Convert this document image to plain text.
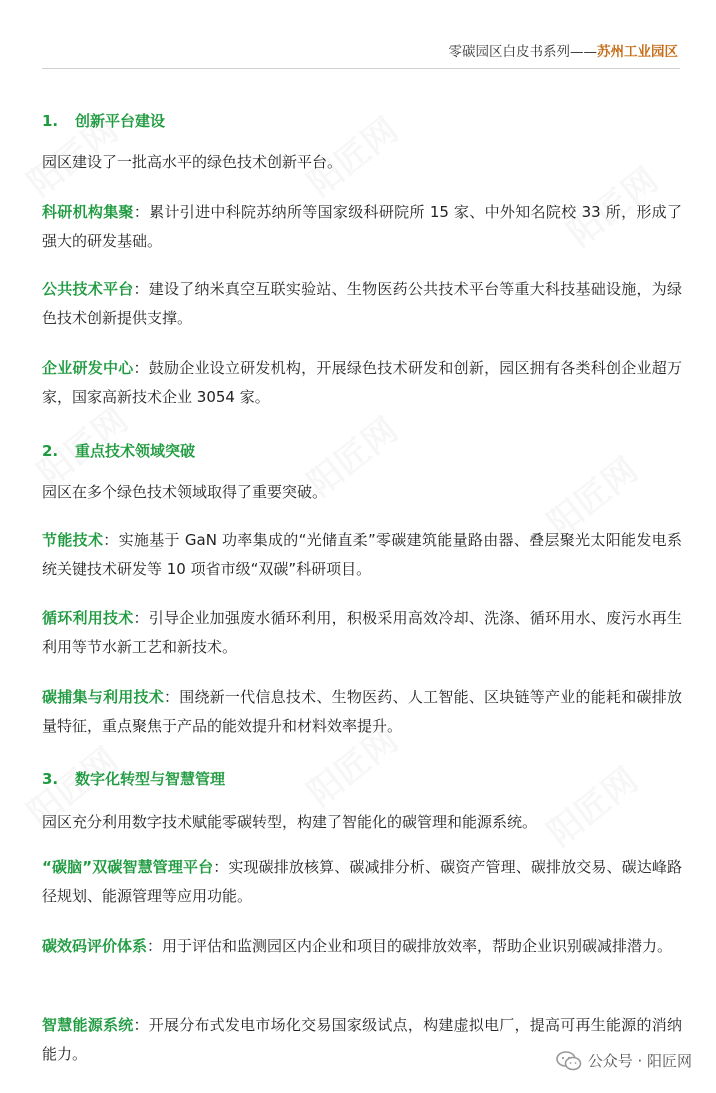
零碳园区白皮书系列——苏州工业园区
1. 创新平台建设
园区建设了一批高水平的绿色技术创新平台。
科研机构集聚：累计引进中科院苏纳所等国家级科研院所 15 家、中外知名院校 33 所，形成了强大的研发基础。
公共技术平台：建设了纳米真空互联实验站、生物医药公共技术平台等重大科技基础设施，为绿色技术创新提供支撑。
企业研发中心：鼓励企业设立研发机构，开展绿色技术研发和创新，园区拥有各类科创企业超万家，国家高新技术企业 3054 家。
2. 重点技术领域突破
园区在多个绿色技术领域取得了重要突破。
节能技术：实施基于 GaN 功率集成的“光储直柔”零碳建筑能量路由器、叠层聚光太阳能发电系统关键技术研发等 10 项省市级“双碳”科研项目。
循环利用技术：引导企业加强废水循环利用，积极采用高效冷却、洗涤、循环用水、废污水再生利用等节水新工艺和新技术。
碳捕集与利用技术：围绕新一代信息技术、生物医药、人工智能、区块链等产业的能耗和碳排放量特征，重点聚焦于产品的能效提升和材料效率提升。
3. 数字化转型与智慧管理
园区充分利用数字技术赋能零碳转型，构建了智能化的碳管理和能源系统。
“碳脑”双碳智慧管理平台：实现碳排放核算、碳减排分析、碳资产管理、碳排放交易、碳达峰路径规划、能源管理等应用功能。
碳效码评价体系：用于评估和监测园区内企业和项目的碳排放效率，帮助企业识别碳减排潜力。
智慧能源系统：开展分布式发电市场化交易国家级试点，构建虚拟电厂，提高可再生能源的消纳能力。	公众号 · 阳匠网
